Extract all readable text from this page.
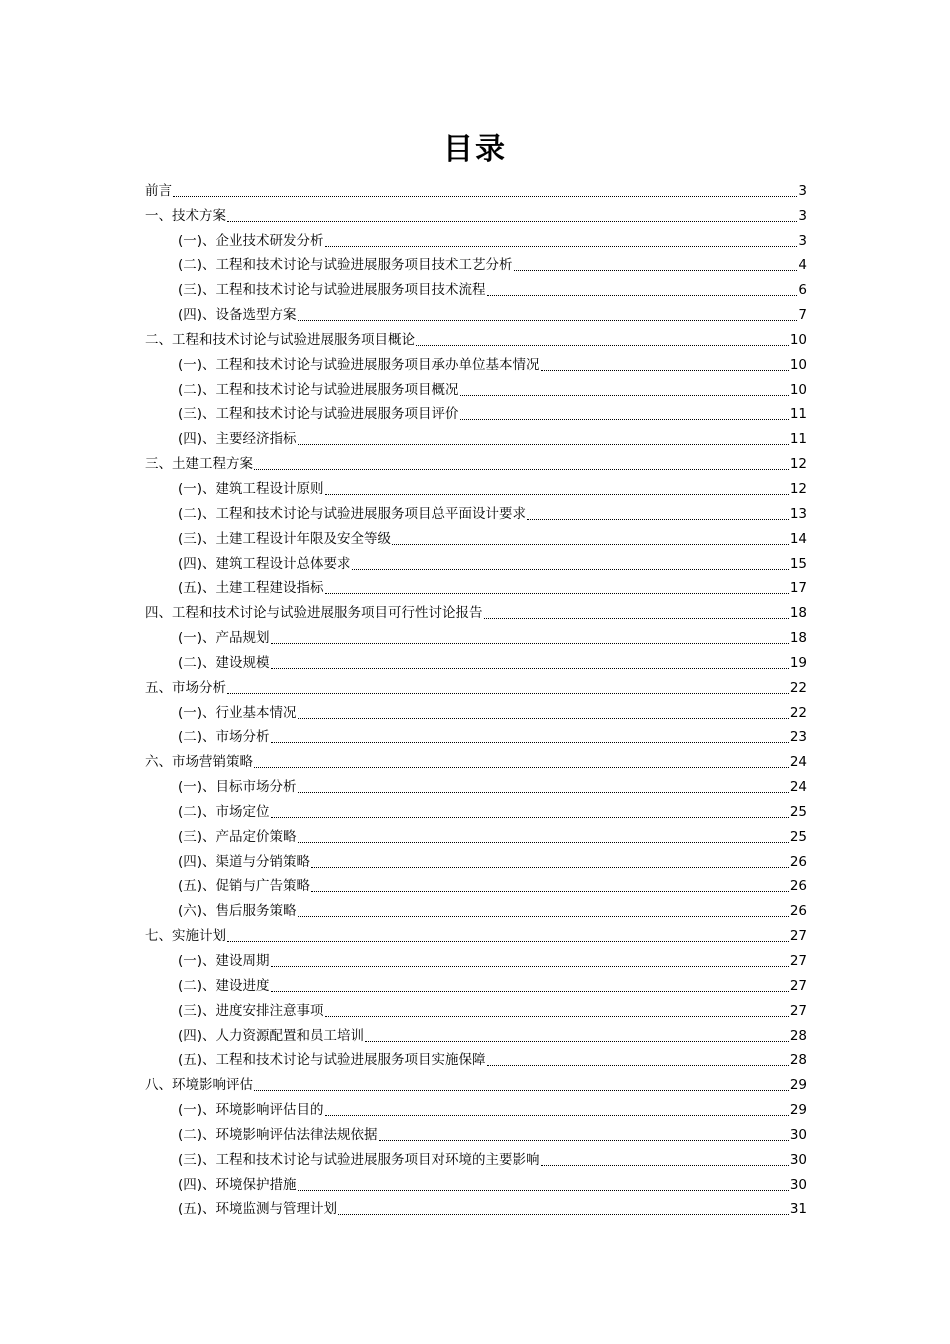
目录
前言	3
一、技术方案	3
(一)、企业技术研发分析	3
(二)、工程和技术讨论与试验进展服务项目技术工艺分析	4
(三)、工程和技术讨论与试验进展服务项目技术流程	6
(四)、设备选型方案	7
二、工程和技术讨论与试验进展服务项目概论	10
(一)、工程和技术讨论与试验进展服务项目承办单位基本情况	10
(二)、工程和技术讨论与试验进展服务项目概况	10
(三)、工程和技术讨论与试验进展服务项目评价	11
(四)、主要经济指标	11
三、土建工程方案	12
(一)、建筑工程设计原则	12
(二)、工程和技术讨论与试验进展服务项目总平面设计要求	13
(三)、土建工程设计年限及安全等级	14
(四)、建筑工程设计总体要求	15
(五)、土建工程建设指标	17
四、工程和技术讨论与试验进展服务项目可行性讨论报告	18
(一)、产品规划	18
(二)、建设规模	19
五、市场分析	22
(一)、行业基本情况	22
(二)、市场分析	23
六、市场营销策略	24
(一)、目标市场分析	24
(二)、市场定位	25
(三)、产品定价策略	25
(四)、渠道与分销策略	26
(五)、促销与广告策略	26
(六)、售后服务策略	26
七、实施计划	27
(一)、建设周期	27
(二)、建设进度	27
(三)、进度安排注意事项	27
(四)、人力资源配置和员工培训	28
(五)、工程和技术讨论与试验进展服务项目实施保障	28
八、环境影响评估	29
(一)、环境影响评估目的	29
(二)、环境影响评估法律法规依据	30
(三)、工程和技术讨论与试验进展服务项目对环境的主要影响	30
(四)、环境保护措施	30
(五)、环境监测与管理计划	31
